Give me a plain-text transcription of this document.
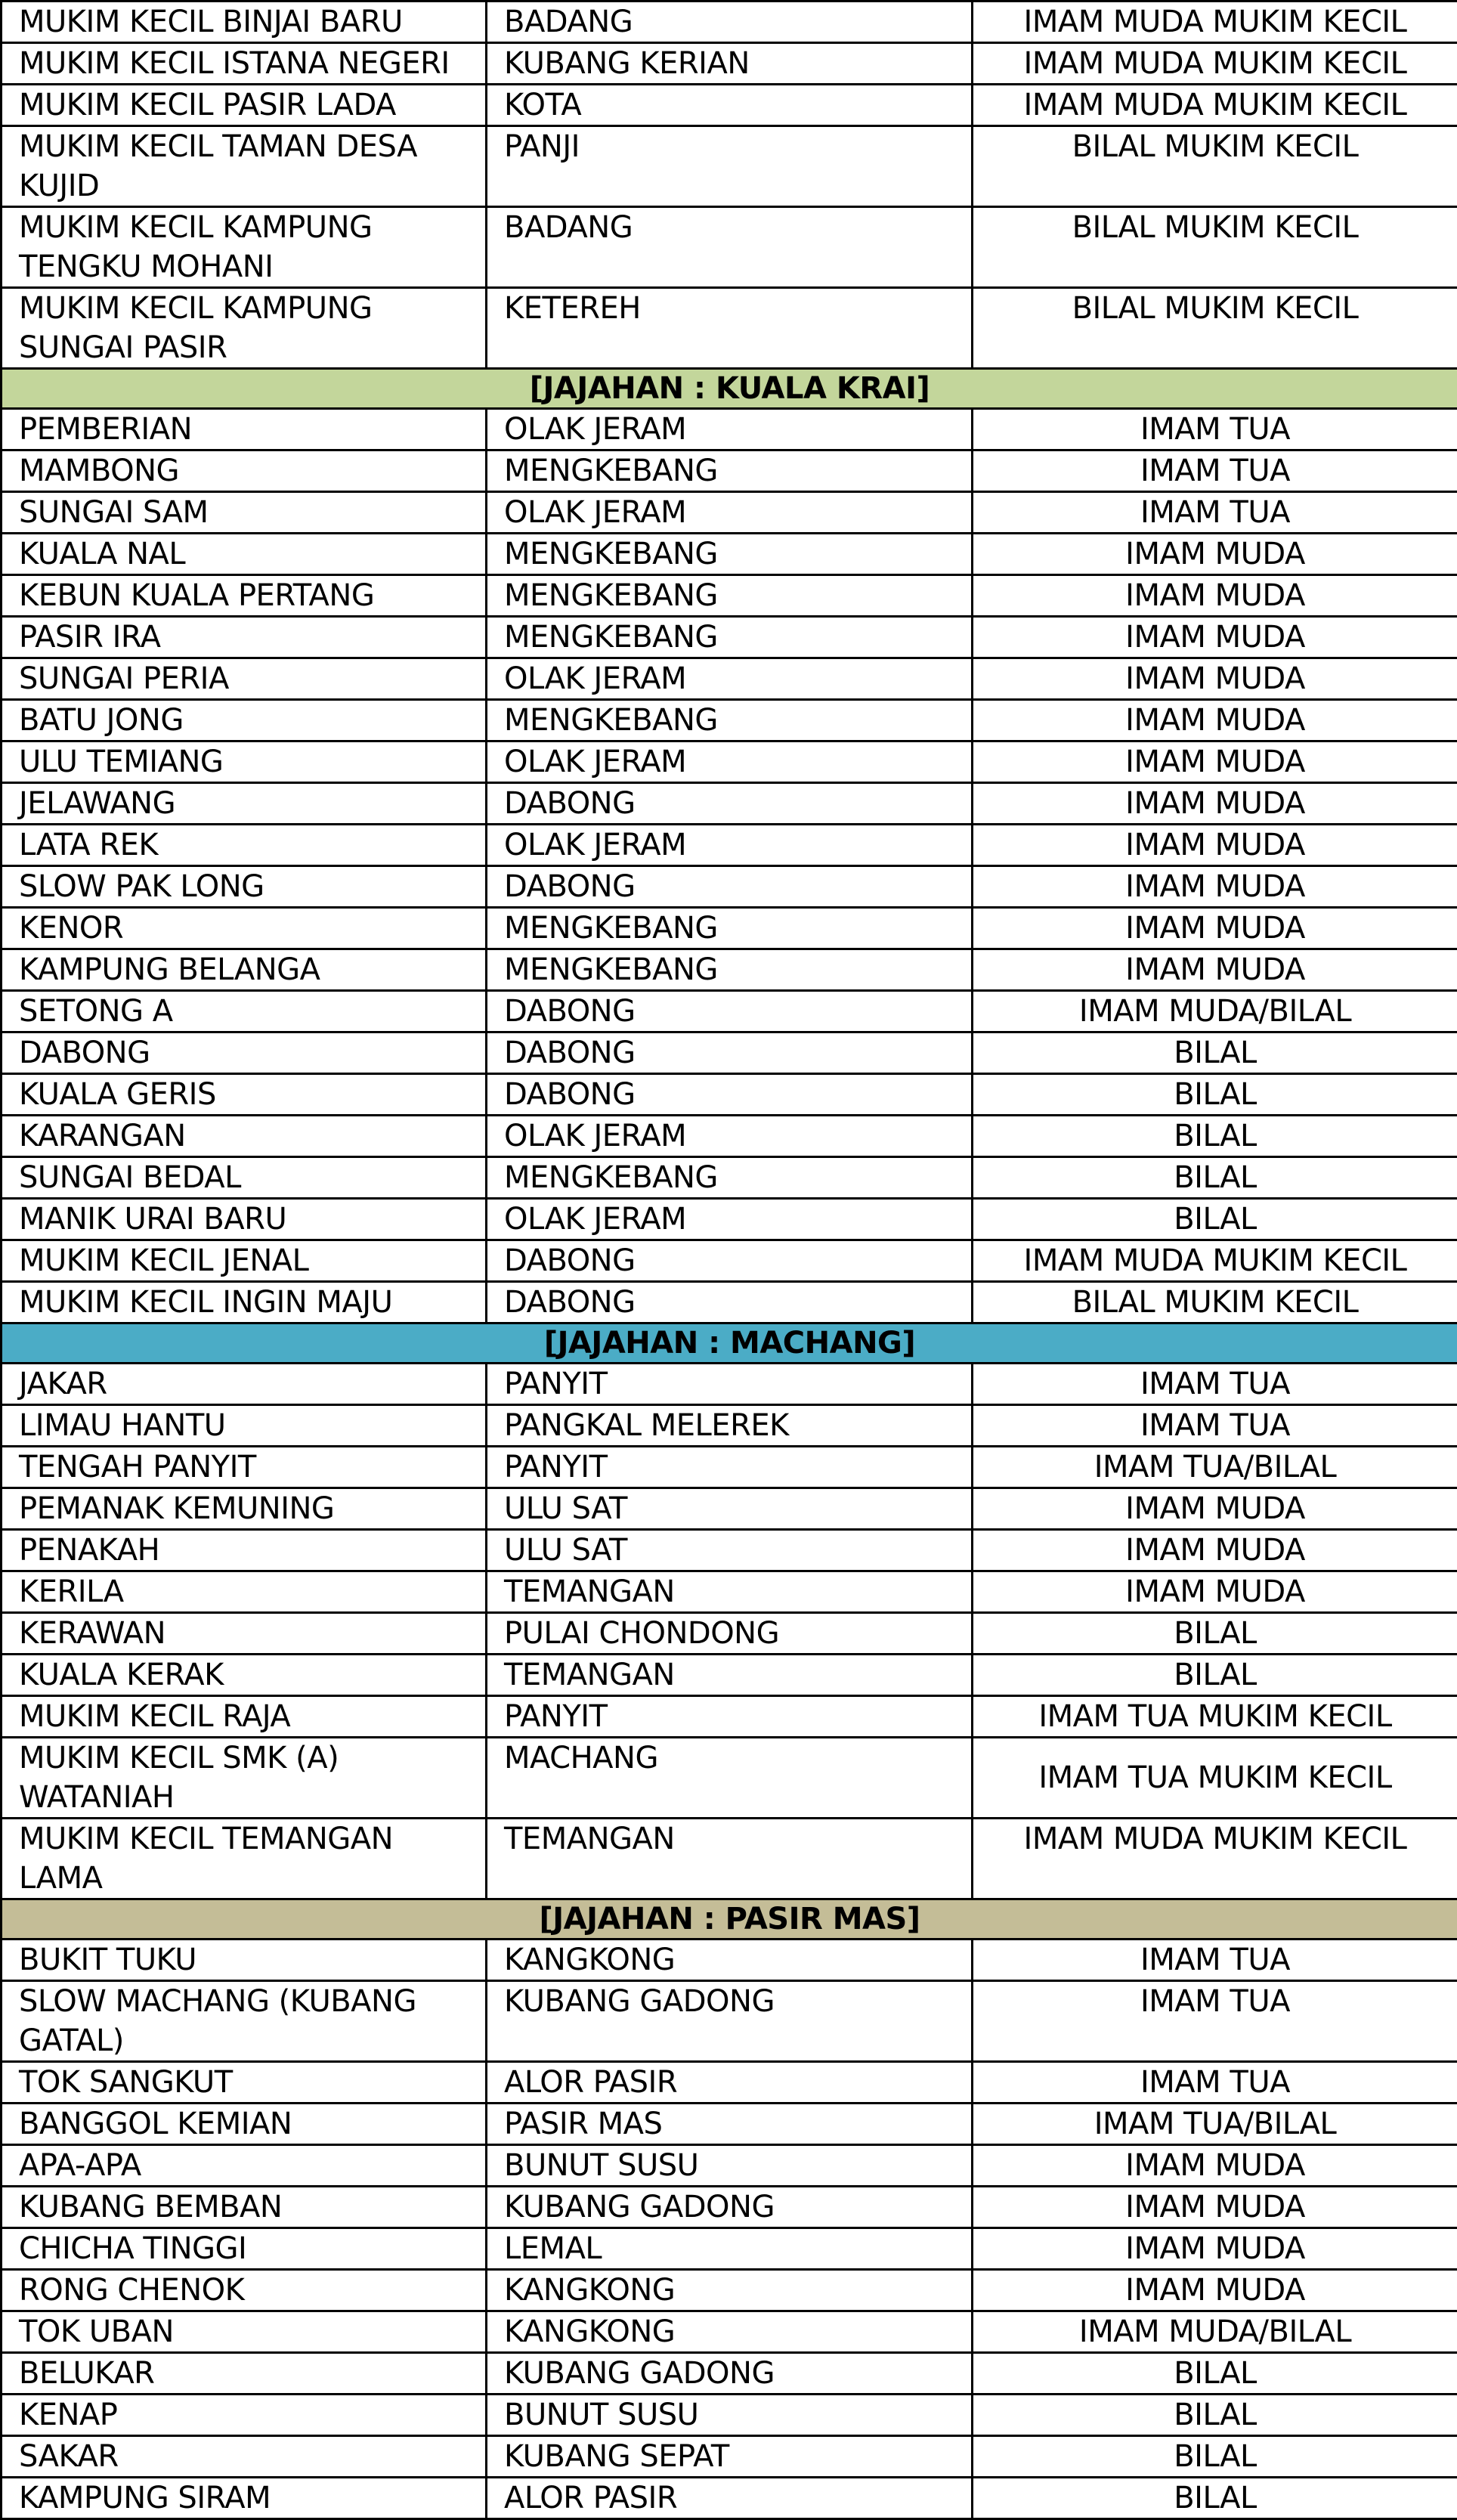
MUKIM KECIL BINJAI BARU	BADANG	IMAM MUDA MUKIM KECIL
MUKIM KECIL ISTANA NEGERI	KUBANG KERIAN	IMAM MUDA MUKIM KECIL
MUKIM KECIL PASIR LADA	KOTA	IMAM MUDA MUKIM KECIL
MUKIM KECIL TAMAN DESA KUJID	PANJI	BILAL MUKIM KECIL
MUKIM KECIL KAMPUNG TENGKU MOHANI	BADANG	BILAL MUKIM KECIL
MUKIM KECIL KAMPUNG SUNGAI PASIR	KETEREH	BILAL MUKIM KECIL
[JAJAHAN : KUALA KRAI]		
PEMBERIAN	OLAK JERAM	IMAM TUA
MAMBONG	MENGKEBANG	IMAM TUA
SUNGAI SAM	OLAK JERAM	IMAM TUA
KUALA NAL	MENGKEBANG	IMAM MUDA
KEBUN KUALA PERTANG	MENGKEBANG	IMAM MUDA
PASIR IRA	MENGKEBANG	IMAM MUDA
SUNGAI PERIA	OLAK JERAM	IMAM MUDA
BATU JONG	MENGKEBANG	IMAM MUDA
ULU TEMIANG	OLAK JERAM	IMAM MUDA
JELAWANG	DABONG	IMAM MUDA
LATA REK	OLAK JERAM	IMAM MUDA
SLOW PAK LONG	DABONG	IMAM MUDA
KENOR	MENGKEBANG	IMAM MUDA
KAMPUNG BELANGA	MENGKEBANG	IMAM MUDA
SETONG A	DABONG	IMAM MUDA/BILAL
DABONG	DABONG	BILAL
KUALA GERIS	DABONG	BILAL
KARANGAN	OLAK JERAM	BILAL
SUNGAI BEDAL	MENGKEBANG	BILAL
MANIK URAI BARU	OLAK JERAM	BILAL
MUKIM KECIL JENAL	DABONG	IMAM MUDA MUKIM KECIL
MUKIM KECIL INGIN MAJU	DABONG	BILAL MUKIM KECIL
[JAJAHAN : MACHANG]		
JAKAR	PANYIT	IMAM TUA
LIMAU HANTU	PANGKAL MELEREK	IMAM TUA
TENGAH PANYIT	PANYIT	IMAM TUA/BILAL
PEMANAK KEMUNING	ULU SAT	IMAM MUDA
PENAKAH	ULU SAT	IMAM MUDA
KERILA	TEMANGAN	IMAM MUDA
KERAWAN	PULAI CHONDONG	BILAL
KUALA KERAK	TEMANGAN	BILAL
MUKIM KECIL RAJA	PANYIT	IMAM TUA MUKIM KECIL
MUKIM KECIL SMK (A) WATANIAH	MACHANG	IMAM TUA MUKIM KECIL
MUKIM KECIL TEMANGAN LAMA	TEMANGAN	IMAM MUDA MUKIM KECIL
[JAJAHAN : PASIR MAS]		
BUKIT TUKU	KANGKONG	IMAM TUA
SLOW MACHANG (KUBANG GATAL)	KUBANG GADONG	IMAM TUA
TOK SANGKUT	ALOR PASIR	IMAM TUA
BANGGOL KEMIAN	PASIR MAS	IMAM TUA/BILAL
APA-APA	BUNUT SUSU	IMAM MUDA
KUBANG BEMBAN	KUBANG GADONG	IMAM MUDA
CHICHA TINGGI	LEMAL	IMAM MUDA
RONG CHENOK	KANGKONG	IMAM MUDA
TOK UBAN	KANGKONG	IMAM MUDA/BILAL
BELUKAR	KUBANG GADONG	BILAL
KENAP	BUNUT SUSU	BILAL
SAKAR	KUBANG SEPAT	BILAL
KAMPUNG SIRAM	ALOR PASIR	BILAL
